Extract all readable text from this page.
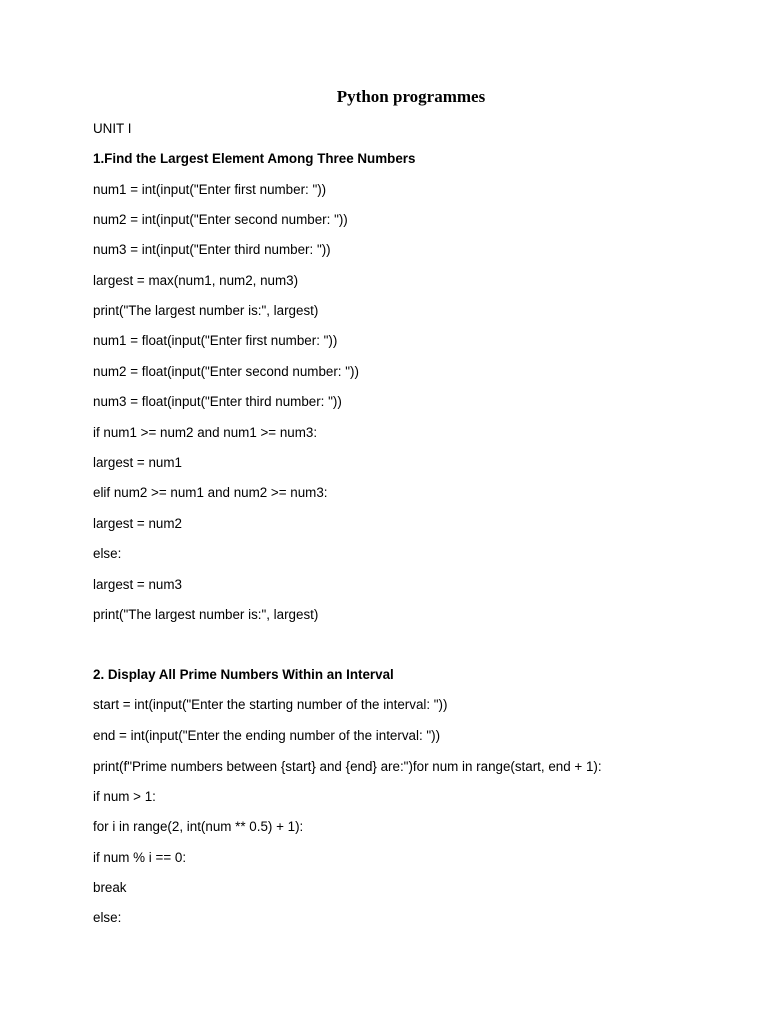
Python programmes
UNIT I
1.Find the Largest Element Among Three Numbers
num1 = int(input("Enter first number: "))
num2 = int(input("Enter second number: "))
num3 = int(input("Enter third number: "))
largest = max(num1, num2, num3)
print("The largest number is:", largest)
num1 = float(input("Enter first number: "))
num2 = float(input("Enter second number: "))
num3 = float(input("Enter third number: "))
if num1 >= num2 and num1 >= num3:
largest = num1
elif num2 >= num1 and num2 >= num3:
largest = num2
else:
largest = num3
print("The largest number is:", largest)
2. Display All Prime Numbers Within an Interval
start = int(input("Enter the starting number of the interval: "))
end = int(input("Enter the ending number of the interval: "))
print(f"Prime numbers between {start} and {end} are:")for num in range(start, end + 1):
if num > 1:
for i in range(2, int(num ** 0.5) + 1):
if num % i == 0:
break
else:
